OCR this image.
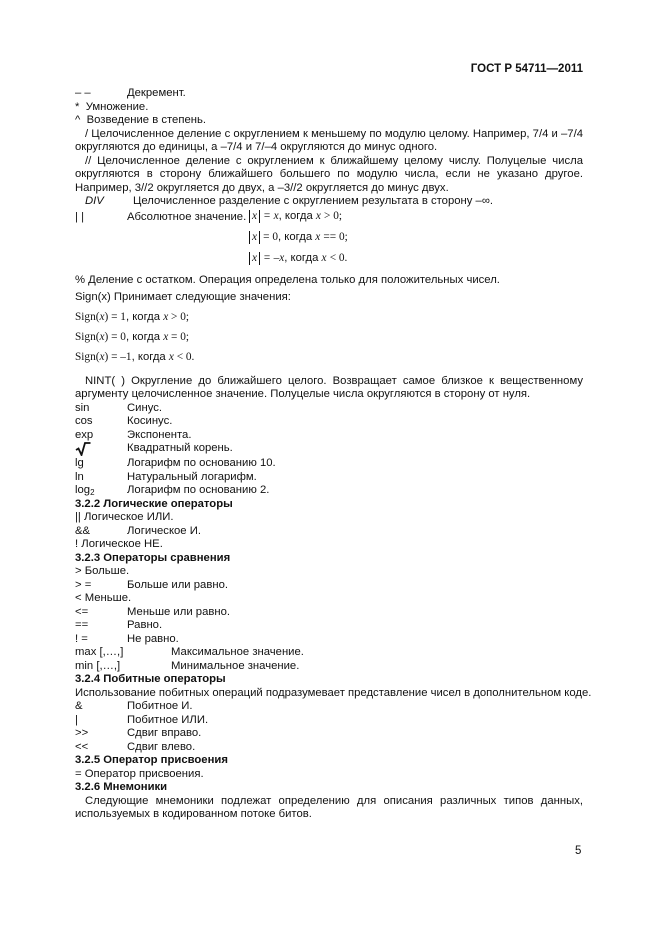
ГОСТ Р 54711—2011
– –	Декремент.
* Умножение.
^ Возведение в степень.
/ Целочисленное деление с округлением к меньшему по модулю целому. Например, 7/4 и –7/4 округляются до единицы, а –7/4 и 7/–4 округляются до минус одного.
// Целочисленное деление с округлением к ближайшему целому числу. Полуцелые числа округляются в сторону ближайшего большего по модулю числа, если не указано другое. Например, 3//2 округляется до двух, а –3//2 округляется до минус двух.
DIV	Целочисленное разделение с округлением результата в сторону –∞.
| |	Абсолютное значение. x = x, когда x > 0;
x = 0, когда x == 0;
x = –x, когда x < 0.
% Деление с остатком. Операция определена только для положительных чисел.
Sign(x) Принимает следующие значения:
Sign(x) = 1, когда x > 0;
Sign(x) = 0, когда x = 0;
Sign(x) = –1, когда x < 0.
NINT( ) Округление до ближайшего целого. Возвращает самое близкое к вещественному аргументу целочисленное значение. Полуцелые числа округляются в сторону от нуля.
sin	Синус.
cos	Косинус.
exp	Экспонента.
Квадратный корень.
lg	Логарифм по основанию 10.
ln	Натуральный логарифм.
$\log_2$	Логарифм по основанию 2.
3.2.2 Логические операторы
|| Логическое ИЛИ.
&&	Логическое И.
! Логическое НЕ.
3.2.3 Операторы сравнения
> Больше.
> =	Больше или равно.
< Меньше.
<=	Меньше или равно.
==	Равно.
! =	Не равно.
max [,…,]	Максимальное значение.
min [,…,]	Минимальное значение.
3.2.4 Побитные операторы
Использование побитных операций подразумевает представление чисел в дополнительном коде.
&	Побитное И.
|	Побитное ИЛИ.
>>	Сдвиг вправо.
<<	Сдвиг влево.
3.2.5 Оператор присвоения
= Оператор присвоения.
3.2.6 Мнемоники
Следующие мнемоники подлежат определению для описания различных типов данных, используемых в кодированном потоке битов.
5
